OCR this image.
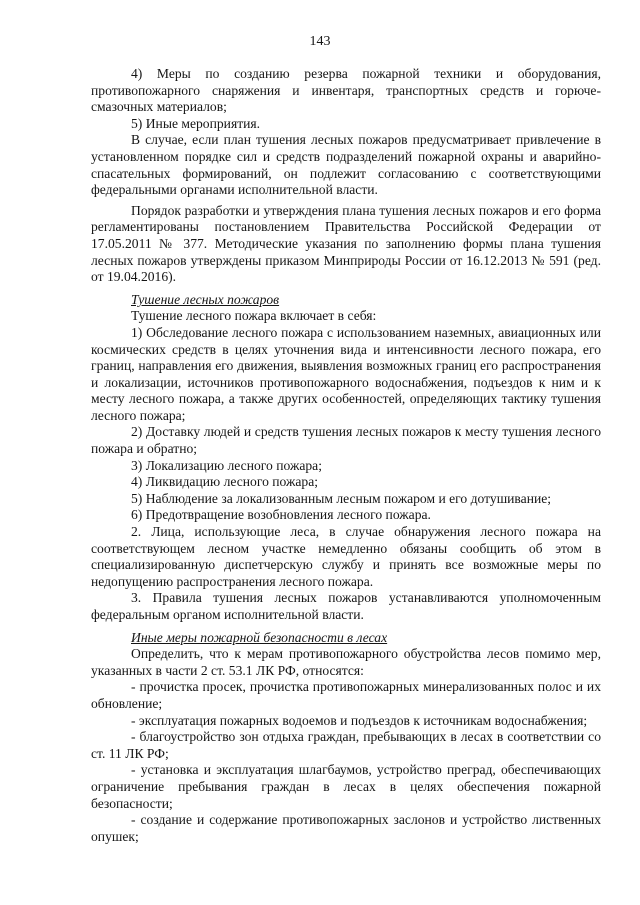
143

4) Меры по созданию резерва пожарной техники и оборудования, противопожарного снаряжения и инвентаря, транспортных средств и горюче-смазочных материалов;

5) Иные мероприятия.

В случае, если план тушения лесных пожаров предусматривает привлечение в установленном порядке сил и средств подразделений пожарной охраны и аварийно-спасательных формирований, он подлежит согласованию с соответствующими федеральными органами исполнительной власти.

Порядок разработки и утверждения плана тушения лесных пожаров и его форма регламентированы постановлением Правительства Российской Федерации от 17.05.2011 № 377. Методические указания по заполнению формы плана тушения лесных пожаров утверждены приказом Минприроды России от 16.12.2013 № 591 (ред. от 19.04.2016).

Тушение лесных пожаров

Тушение лесного пожара включает в себя:

1) Обследование лесного пожара с использованием наземных, авиационных или космических средств в целях уточнения вида и интенсивности лесного пожара, его границ, направления его движения, выявления возможных границ его распространения и локализации, источников противопожарного водоснабжения, подъездов к ним и к месту лесного пожара, а также других особенностей, определяющих тактику тушения лесного пожара;

2) Доставку людей и средств тушения лесных пожаров к месту тушения лесного пожара и обратно;

3) Локализацию лесного пожара;

4) Ликвидацию лесного пожара;

5) Наблюдение за локализованным лесным пожаром и его дотушивание;

6) Предотвращение возобновления лесного пожара.

2. Лица, использующие леса, в случае обнаружения лесного пожара на соответствующем лесном участке немедленно обязаны сообщить об этом в специализированную диспетчерскую службу и принять все возможные меры по недопущению распространения лесного пожара.

3. Правила тушения лесных пожаров устанавливаются уполномоченным федеральным органом исполнительной власти.

Иные меры пожарной безопасности в лесах

Определить, что к мерам противопожарного обустройства лесов помимо мер, указанных в части 2 ст. 53.1 ЛК РФ, относятся:

- прочистка просек, прочистка противопожарных минерализованных полос и их обновление;

- эксплуатация пожарных водоемов и подъездов к источникам водоснабжения;

- благоустройство зон отдыха граждан, пребывающих в лесах в соответствии со ст. 11 ЛК РФ;

- установка и эксплуатация шлагбаумов, устройство преград, обеспечивающих ограничение пребывания граждан в лесах в целях обеспечения пожарной безопасности;

- создание и содержание противопожарных заслонов и устройство лиственных опушек;
